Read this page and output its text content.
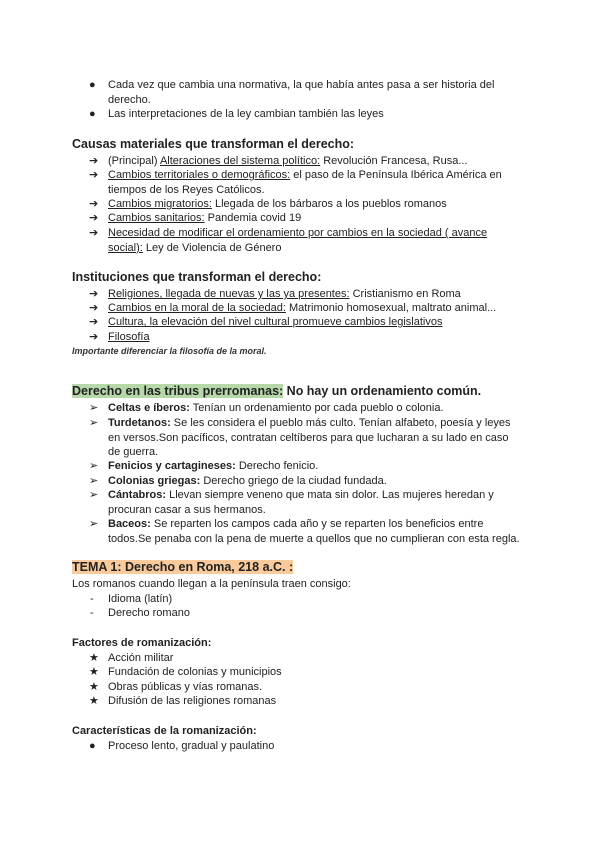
● Cada vez que cambia una normativa, la que había antes pasa a ser historia del derecho.
● Las interpretaciones de la ley cambian también las leyes
Causas materiales que transforman el derecho:
➔ (Principal) Alteraciones del sistema político: Revolución Francesa, Rusa...
➔ Cambios territoriales o demográficos: el paso de la Península Ibérica América en tiempos de los Reyes Católicos.
➔ Cambios migratorios: Llegada de los bárbaros a los pueblos romanos
➔ Cambios sanitarios: Pandemia covid 19
➔ Necesidad de modificar el ordenamiento por cambios en la sociedad ( avance social): Ley de Violencia de Género
Instituciones que transforman el derecho:
➔ Religiones, llegada de nuevas y las ya presentes: Cristianismo en Roma
➔ Cambios en la moral de la sociedad: Matrimonio homosexual, maltrato animal...
➔ Cultura, la elevación del nivel cultural promueve cambios legislativos
➔ Filosofía
Importante diferenciar la filosofía de la moral.
Derecho en las tribus prerromanas: No hay un ordenamiento común.
➢ Celtas e íberos: Tenían un ordenamiento por cada pueblo o colonia.
➢ Turdetanos: Se les considera el pueblo más culto. Tenían alfabeto, poesía y leyes en versos.Son pacíficos, contratan celtíberos para que lucharan a su lado en caso de guerra.
➢ Fenicios y cartagineses: Derecho fenicio.
➢ Colonias griegas: Derecho griego de la ciudad fundada.
➢ Cántabros: Llevan siempre veneno que mata sin dolor. Las mujeres heredan y procuran casar a sus hermanos.
➢ Baceos: Se reparten los campos cada año y se reparten los beneficios entre todos.Se penaba con la pena de muerte a quellos que no cumplieran con esta regla.
TEMA 1: Derecho en Roma, 218 a.C. :
Los romanos cuando llegan a la península traen consigo:
- Idioma (latín)
- Derecho romano
Factores de romanización:
★ Acción militar
★ Fundación de colonias y municipios
★ Obras públicas y vías romanas.
★ Difusión de las religiones romanas
Características de la romanización:
● Proceso lento, gradual y paulatino
